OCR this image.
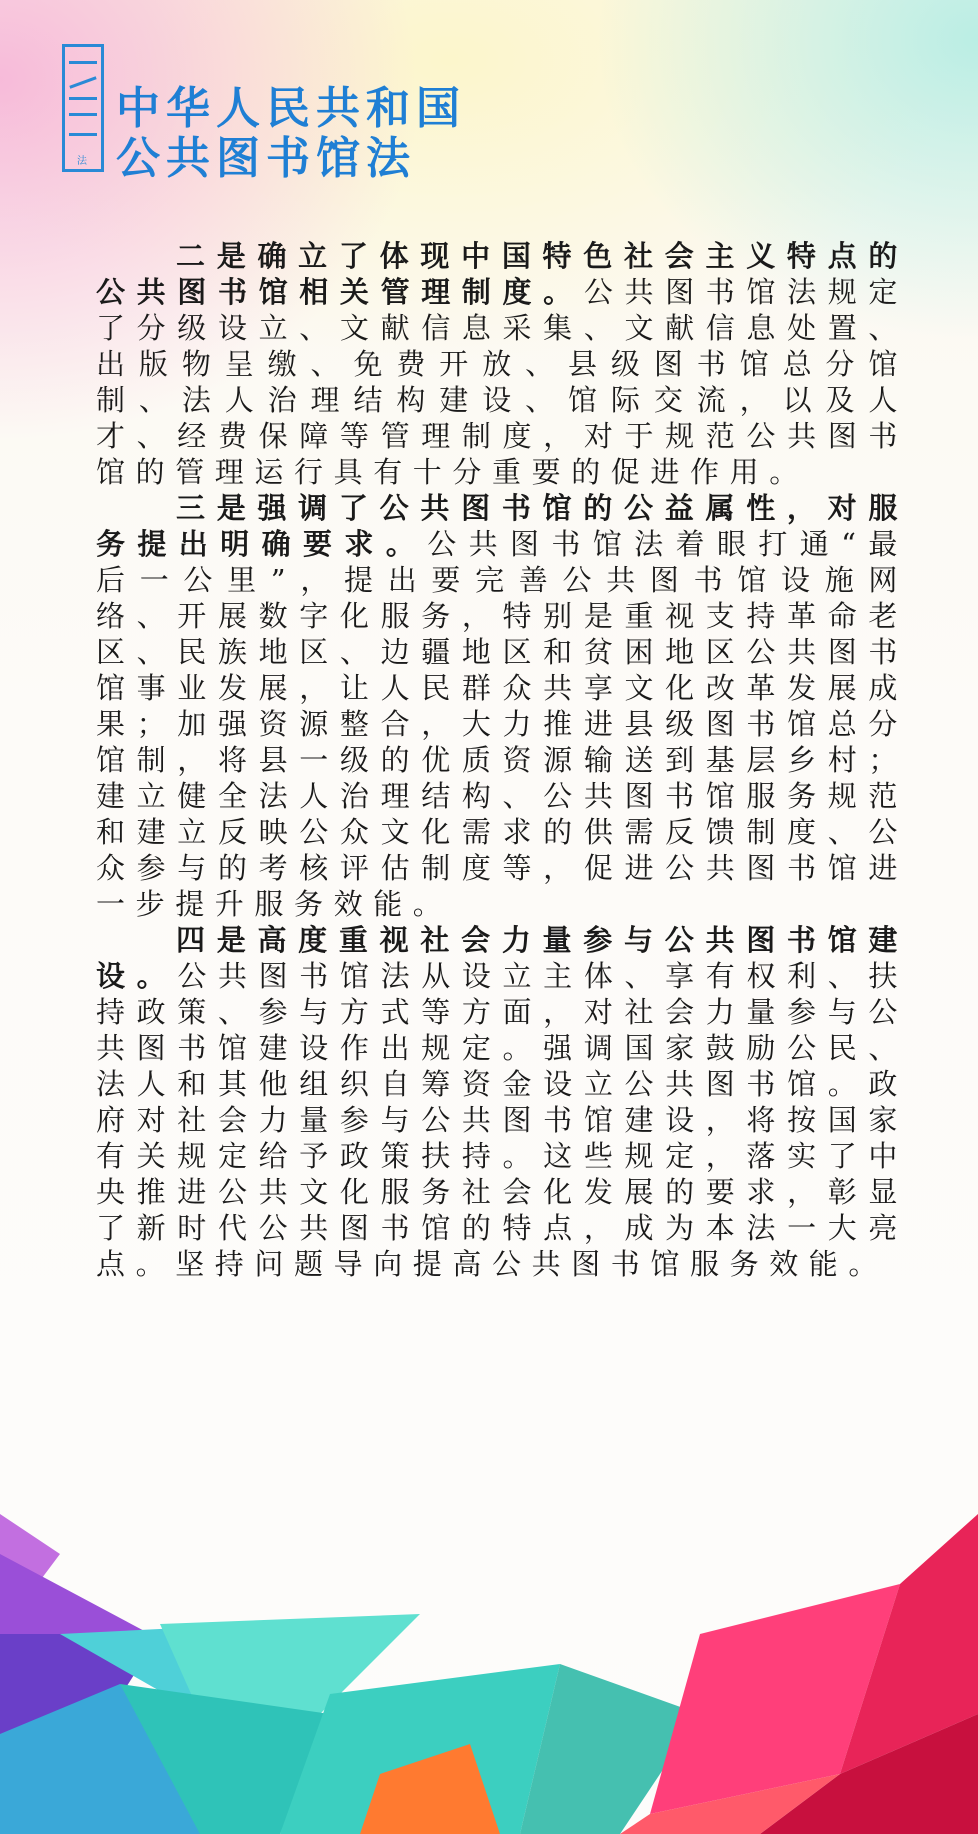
法
中华人民共和国
公共图书馆法

二是确立了体现中国特色社会主义特点的公共图书馆相关管理制度。公共图书馆法规定了分级设立、文献信息采集、文献信息处置、出版物呈缴、免费开放、县级图书馆总分馆制、法人治理结构建设、馆际交流，以及人才、经费保障等管理制度，对于规范公共图书馆的管理运行具有十分重要的促进作用。

三是强调了公共图书馆的公益属性，对服务提出明确要求。公共图书馆法着眼打通“最后一公里”，提出要完善公共图书馆设施网络、开展数字化服务，特别是重视支持革命老区、民族地区、边疆地区和贫困地区公共图书馆事业发展，让人民群众共享文化改革发展成果；加强资源整合，大力推进县级图书馆总分馆制，将县一级的优质资源输送到基层乡村；建立健全法人治理结构、公共图书馆服务规范和建立反映公众文化需求的供需反馈制度、公众参与的考核评估制度等，促进公共图书馆进一步提升服务效能。

四是高度重视社会力量参与公共图书馆建设。公共图书馆法从设立主体、享有权利、扶持政策、参与方式等方面，对社会力量参与公共图书馆建设作出规定。强调国家鼓励公民、法人和其他组织自筹资金设立公共图书馆。政府对社会力量参与公共图书馆建设，将按国家有关规定给予政策扶持。这些规定，落实了中央推进公共文化服务社会化发展的要求，彰显了新时代公共图书馆的特点，成为本法一大亮点。坚持问题导向提高公共图书馆服务效能。
